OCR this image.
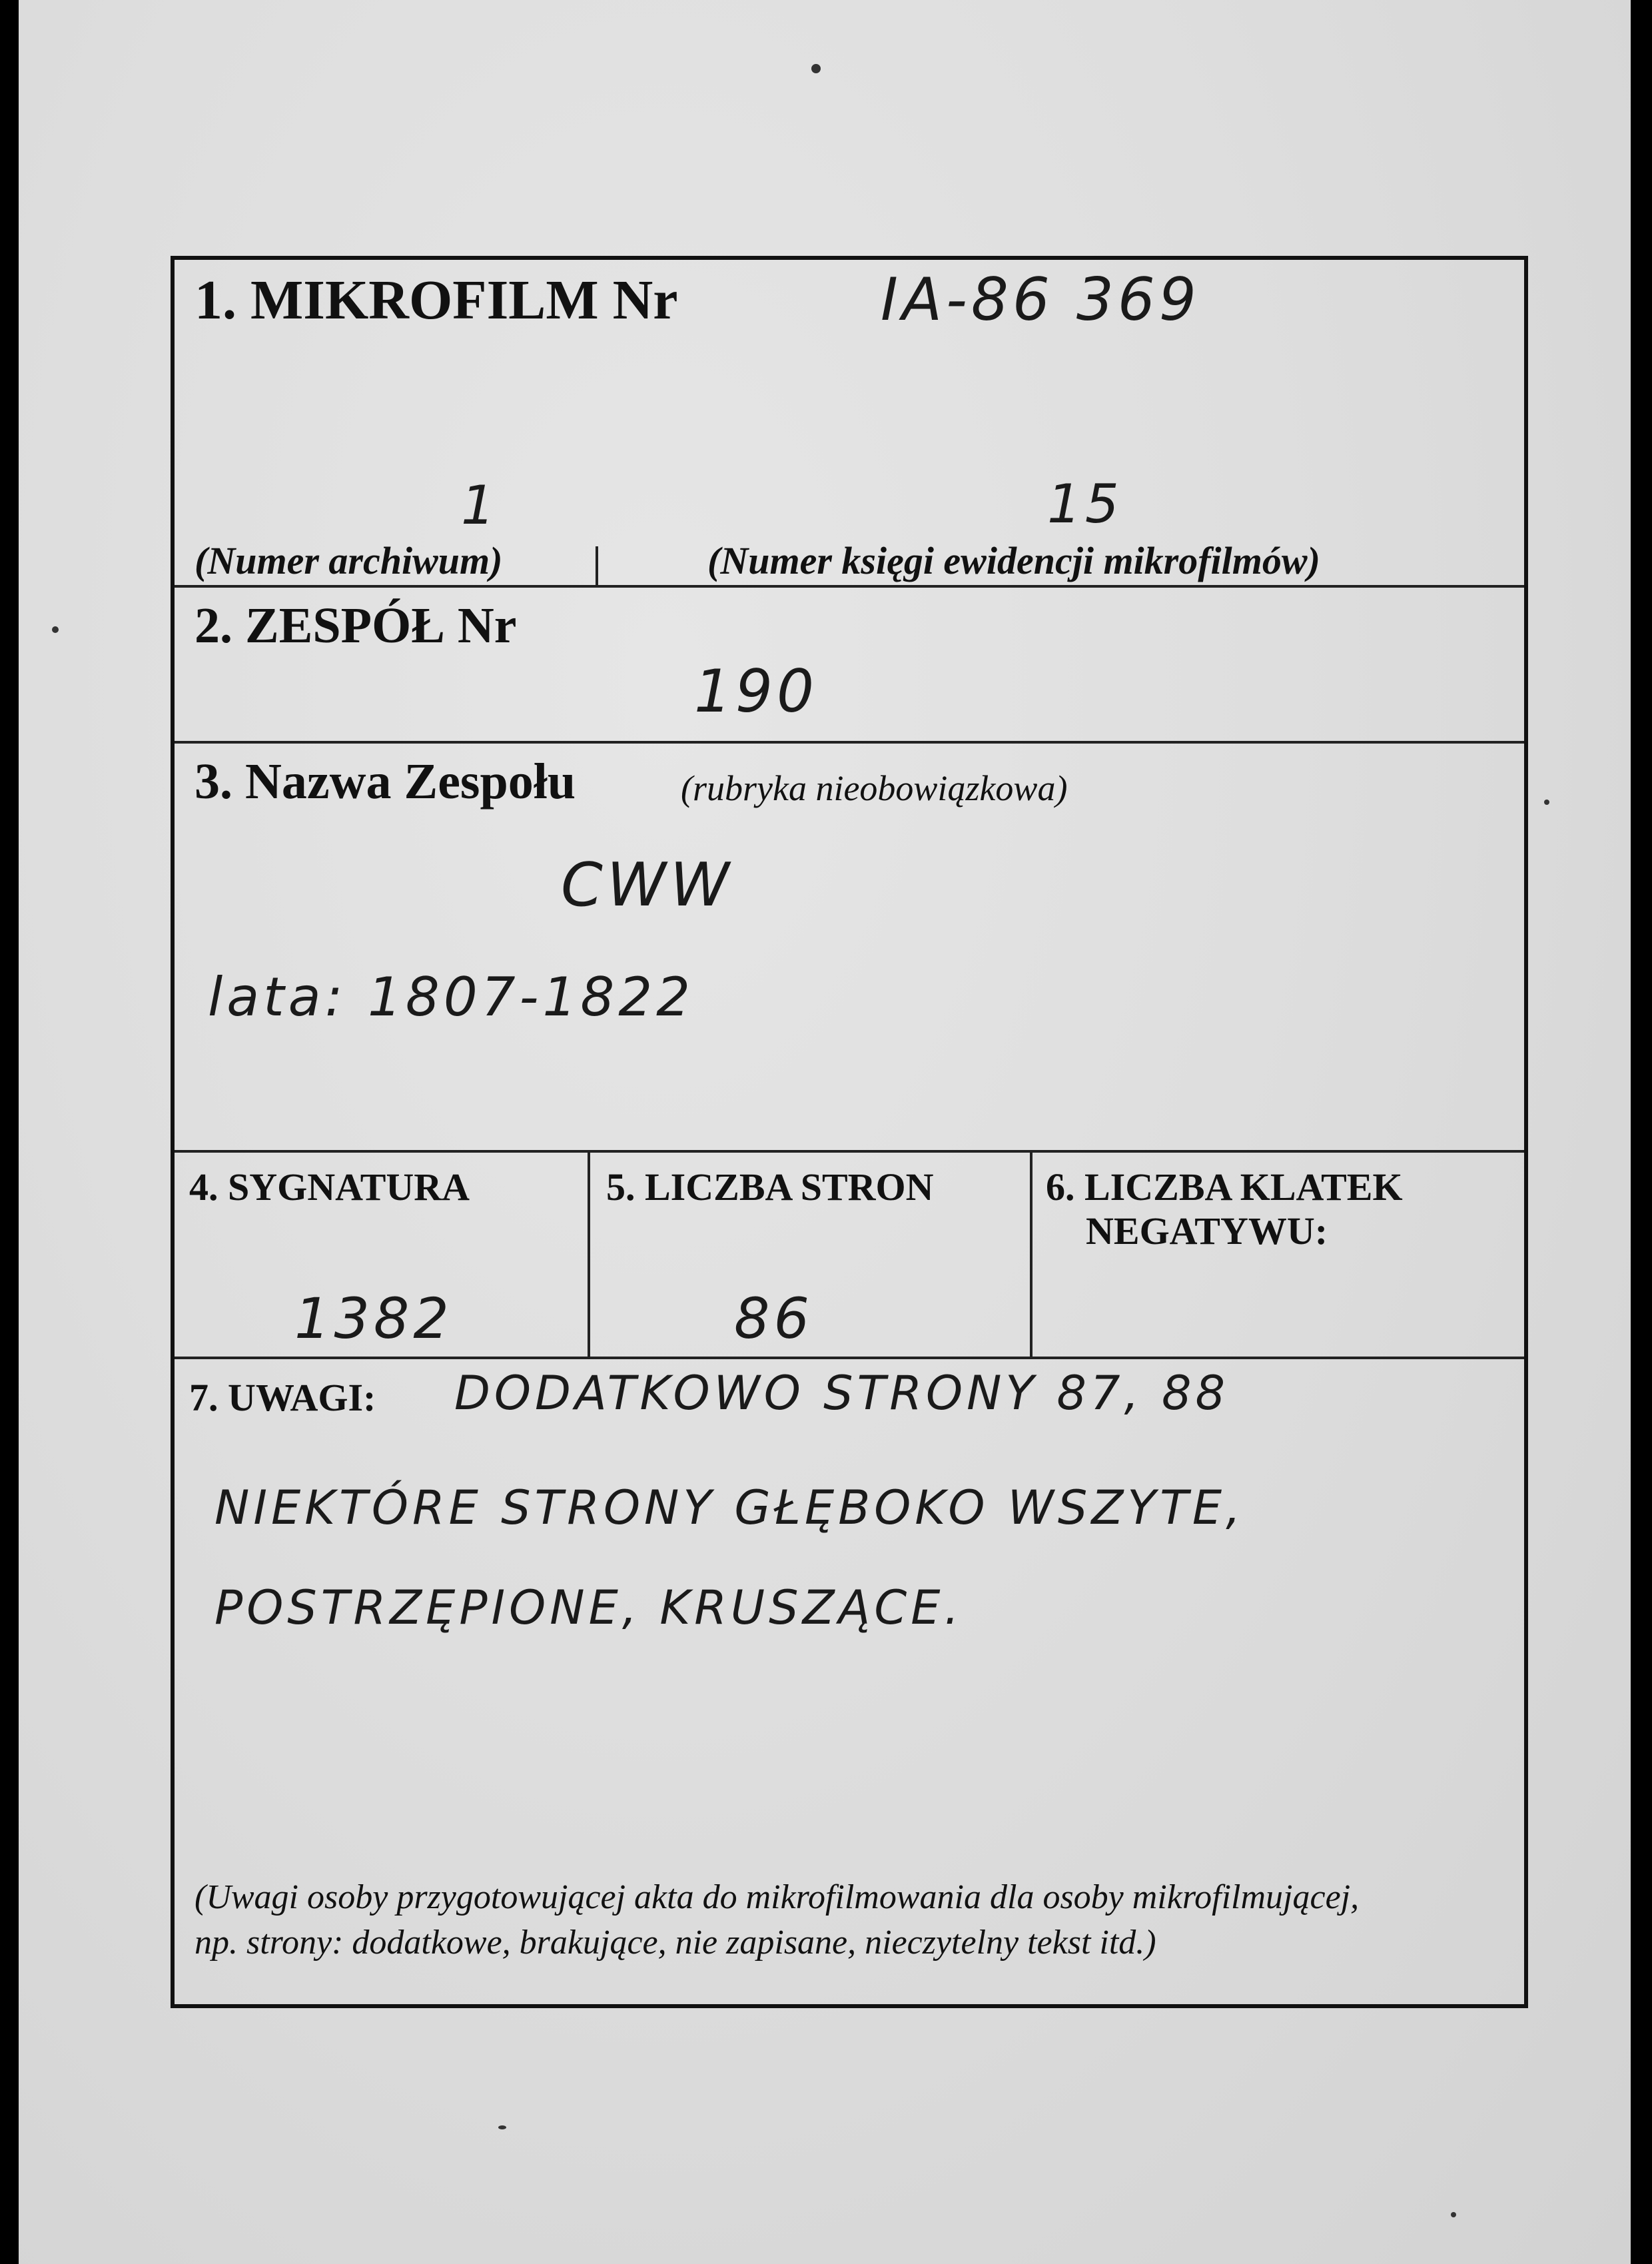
1. MIKROFILM Nr	IA-86 369
1	15
(Numer archiwum)	(Numer księgi ewidencji mikrofilmów)
2. ZESPÓŁ Nr
190
3. Nazwa Zespołu	(rubryka nieobowiązkowa)
CWW
lata: 1807-1822
4. SYGNATURA
1382
5. LICZBA STRON
86
6. LICZBA KLATEK
NEGATYWU:
7. UWAGI: DODATKOWO STRONY 87, 88
NIEKTÓRE STRONY GŁĘBOKO WSZYTE,
POSTRZĘPIONE, KRUSZĄCE.
(Uwagi osoby przygotowującej akta do mikrofilmowania dla osoby mikrofilmującej,
np. strony: dodatkowe, brakujące, nie zapisane, nieczytelny tekst itd.)
